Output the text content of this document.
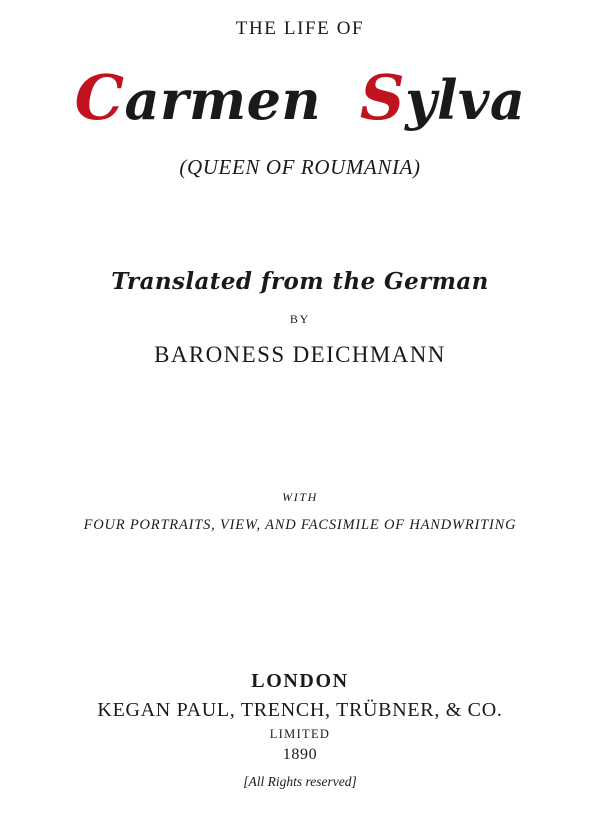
THE LIFE OF
Carmen Sylva
(QUEEN OF ROUMANIA)
Translated from the German
BY
BARONESS DEICHMANN
WITH
FOUR PORTRAITS, VIEW, AND FACSIMILE OF HANDWRITING
LONDON
KEGAN PAUL, TRENCH, TRÜBNER, & CO.
LIMITED
1890
[All Rights reserved]
